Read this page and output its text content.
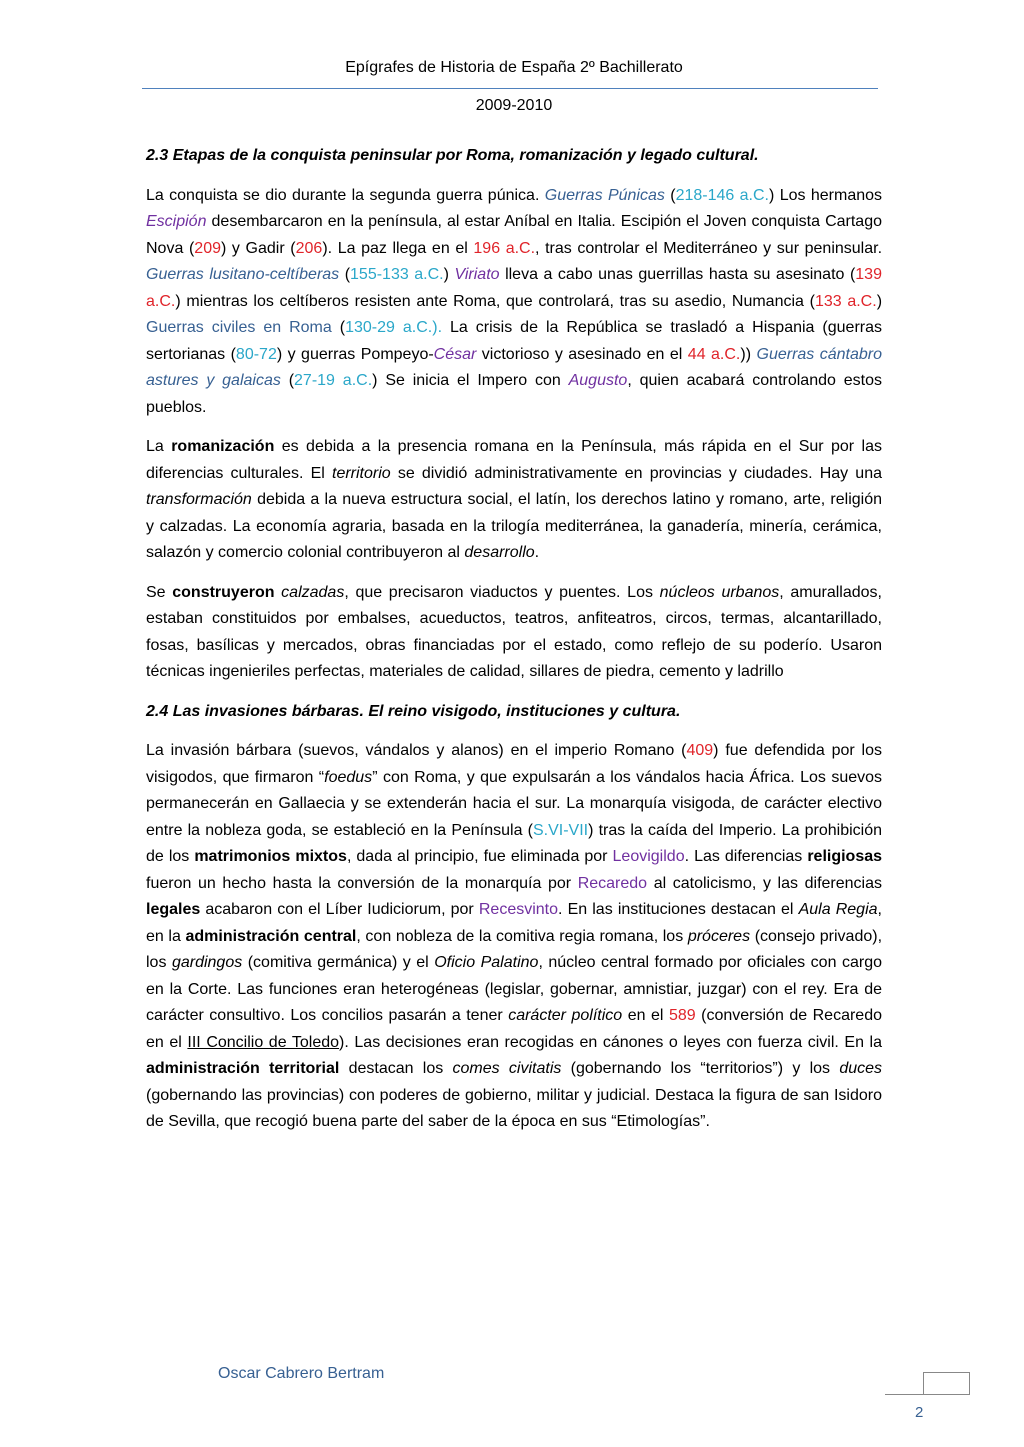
Epígrafes de Historia de España 2º Bachillerato
2009-2010
2.3 Etapas de la conquista peninsular por Roma, romanización y legado cultural.

La conquista se dio durante la segunda guerra púnica. Guerras Púnicas (218-146 a.C.) Los hermanos Escipión desembarcaron en la península, al estar Aníbal en Italia. Escipión el Joven conquista Cartago Nova (209) y Gadir (206). La paz llega en el 196 a.C., tras controlar el Mediterráneo y sur peninsular. Guerras lusitano-celtíberas (155-133 a.C.) Viriato lleva a cabo unas guerrillas hasta su asesinato (139 a.C.) mientras los celtíberos resisten ante Roma, que controlará, tras su asedio, Numancia (133 a.C.) Guerras civiles en Roma (130-29 a.C.). La crisis de la República se trasladó a Hispania (guerras sertorianas (80-72) y guerras Pompeyo-César victorioso y asesinado en el 44 a.C.)) Guerras cántabro astures y galaicas (27-19 a.C.) Se inicia el Impero con Augusto, quien acabará controlando estos pueblos.

La romanización es debida a la presencia romana en la Península, más rápida en el Sur por las diferencias culturales. El territorio se dividió administrativamente en provincias y ciudades. Hay una transformación debida a la nueva estructura social, el latín, los derechos latino y romano, arte, religión y calzadas. La economía agraria, basada en la trilogía mediterránea, la ganadería, minería, cerámica, salazón y comercio colonial contribuyeron al desarrollo.

Se construyeron calzadas, que precisaron viaductos y puentes. Los núcleos urbanos, amurallados, estaban constituidos por embalses, acueductos, teatros, anfiteatros, circos, termas, alcantarillado, fosas, basílicas y mercados, obras financiadas por el estado, como reflejo de su poderío. Usaron técnicas ingenieriles perfectas, materiales de calidad, sillares de piedra, cemento y ladrillo

2.4 Las invasiones bárbaras. El reino visigodo, instituciones y cultura.

La invasión bárbara (suevos, vándalos y alanos) en el imperio Romano (409) fue defendida por los visigodos, que firmaron “foedus” con Roma, y que expulsarán a los vándalos hacia África. Los suevos permanecerán en Gallaecia y se extenderán hacia el sur. La monarquía visigoda, de carácter electivo entre la nobleza goda, se estableció en la Península (S.VI-VII) tras la caída del Imperio. La prohibición de los matrimonios mixtos, dada al principio, fue eliminada por Leovigildo. Las diferencias religiosas fueron un hecho hasta la conversión de la monarquía por Recaredo al catolicismo, y las diferencias legales acabaron con el Líber Iudiciorum, por Recesvinto. En las instituciones destacan el Aula Regia, en la administración central, con nobleza de la comitiva regia romana, los próceres (consejo privado), los gardingos (comitiva germánica) y el Oficio Palatino, núcleo central formado por oficiales con cargo en la Corte. Las funciones eran heterogéneas (legislar, gobernar, amnistiar, juzgar) con el rey. Era de carácter consultivo. Los concilios pasarán a tener carácter político en el 589 (conversión de Recaredo en el III Concilio de Toledo). Las decisiones eran recogidas en cánones o leyes con fuerza civil. En la administración territorial destacan los comes civitatis (gobernando los “territorios”) y los duces (gobernando las provincias) con poderes de gobierno, militar y judicial. Destaca la figura de san Isidoro de Sevilla, que recogió buena parte del saber de la época en sus “Etimologías”.

Oscar Cabrero Bertram
2
